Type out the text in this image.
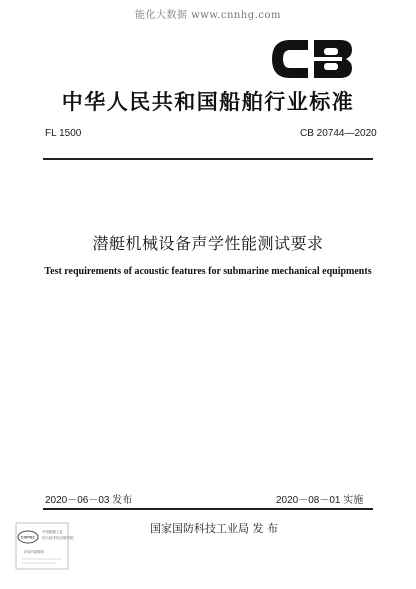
能化大数据 www.cnnhg.com
中华人民共和国船舶行业标准
FL 1500	CB 20744—2020
潜艇机械设备声学性能测试要求
Test requirements of acoustic features for submarine mechanical equipments
2020－06－03 发布	2020－08－01 实施
国家国防科技工业局 发 布
CINTEC
中国船舶工业
综合技术经济研究院
(印)内部资料
